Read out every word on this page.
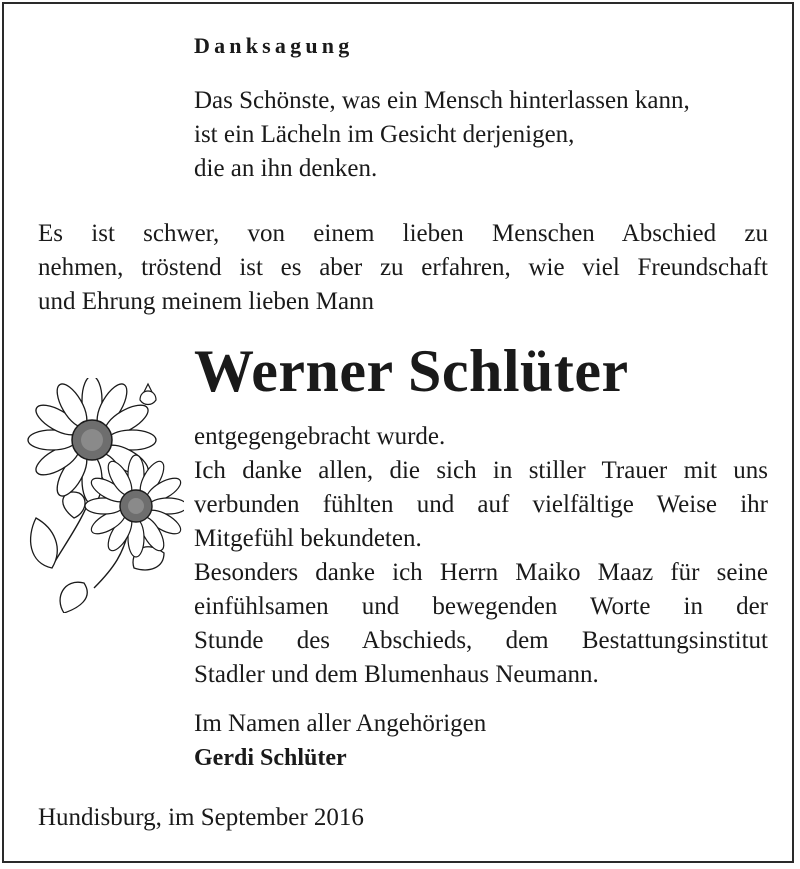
Danksagung
Das Schönste, was ein Mensch hinterlassen kann,
ist ein Lächeln im Gesicht derjenigen,
die an ihn denken.
Es ist schwer, von einem lieben Menschen Abschied zu
nehmen, tröstend ist es aber zu erfahren, wie viel Freundschaft
und Ehrung meinem lieben Mann
Werner Schlüter
entgegengebracht wurde.
Ich danke allen, die sich in stiller Trauer mit uns
verbunden fühlten und auf vielfältige Weise ihr
Mitgefühl bekundeten.
Besonders danke ich Herrn Maiko Maaz für seine
einfühlsamen und bewegenden Worte in der
Stunde des Abschieds, dem Bestattungsinstitut
Stadler und dem Blumenhaus Neumann.
Im Namen aller Angehörigen
Gerdi Schlüter
Hundisburg, im September 2016
